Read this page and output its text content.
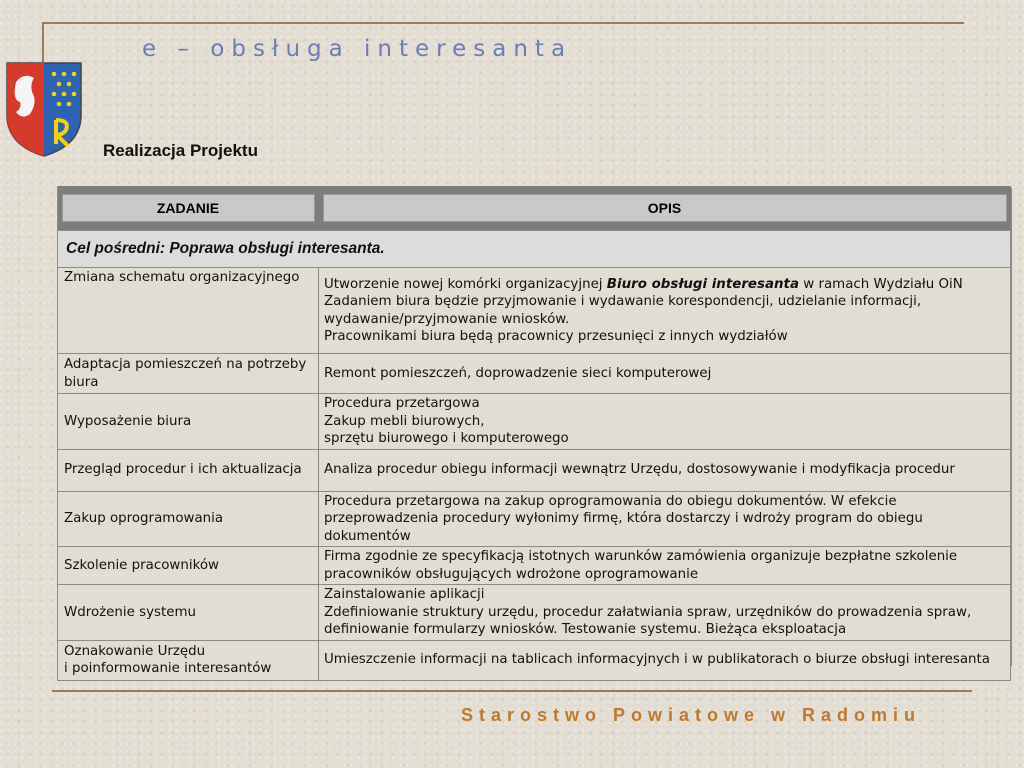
e – obsługa interesanta
Realizacja Projektu
ZADANIE	OPIS

Cel pośredni: Poprawa obsługi interesanta.	
Zmiana schematu organizacyjnego	Utworzenie nowej komórki organizacyjnej Biuro obsługi interesanta w ramach Wydziału OiN
Zadaniem biura będzie przyjmowanie i wydawanie korespondencji, udzielanie informacji, wydawanie/przyjmowanie wniosków.
Pracownikami biura będą pracownicy przesunięci z innych wydziałów

Adaptacja pomieszczeń na potrzeby biura	Remont pomieszczeń, doprowadzenie sieci komputerowej

Wyposażenie biura	Procedura przetargowa
Zakup mebli biurowych,
sprzętu biurowego i komputerowego

Przegląd procedur i ich aktualizacja	Analiza procedur obiegu informacji wewnątrz Urzędu, dostosowywanie i modyfikacja procedur

Zakup oprogramowania	Procedura przetargowa na zakup oprogramowania do obiegu dokumentów. W efekcie przeprowadzenia procedury wyłonimy firmę, która dostarczy i wdroży program do obiegu dokumentów

Szkolenie pracowników	Firma zgodnie ze specyfikacją istotnych warunków zamówienia organizuje bezpłatne szkolenie pracowników obsługujących wdrożone oprogramowanie

Wdrożenie systemu	Zainstalowanie aplikacji
Zdefiniowanie struktury urzędu, procedur załatwiania spraw, urzędników do prowadzenia spraw, definiowanie formularzy wniosków. Testowanie systemu. Bieżąca eksploatacja

Oznakowanie Urzędu
i poinformowanie interesantów	Umieszczenie informacji na tablicach informacyjnych i w publikatorach o biurze obsługi interesanta
Starostwo Powiatowe w Radomiu
